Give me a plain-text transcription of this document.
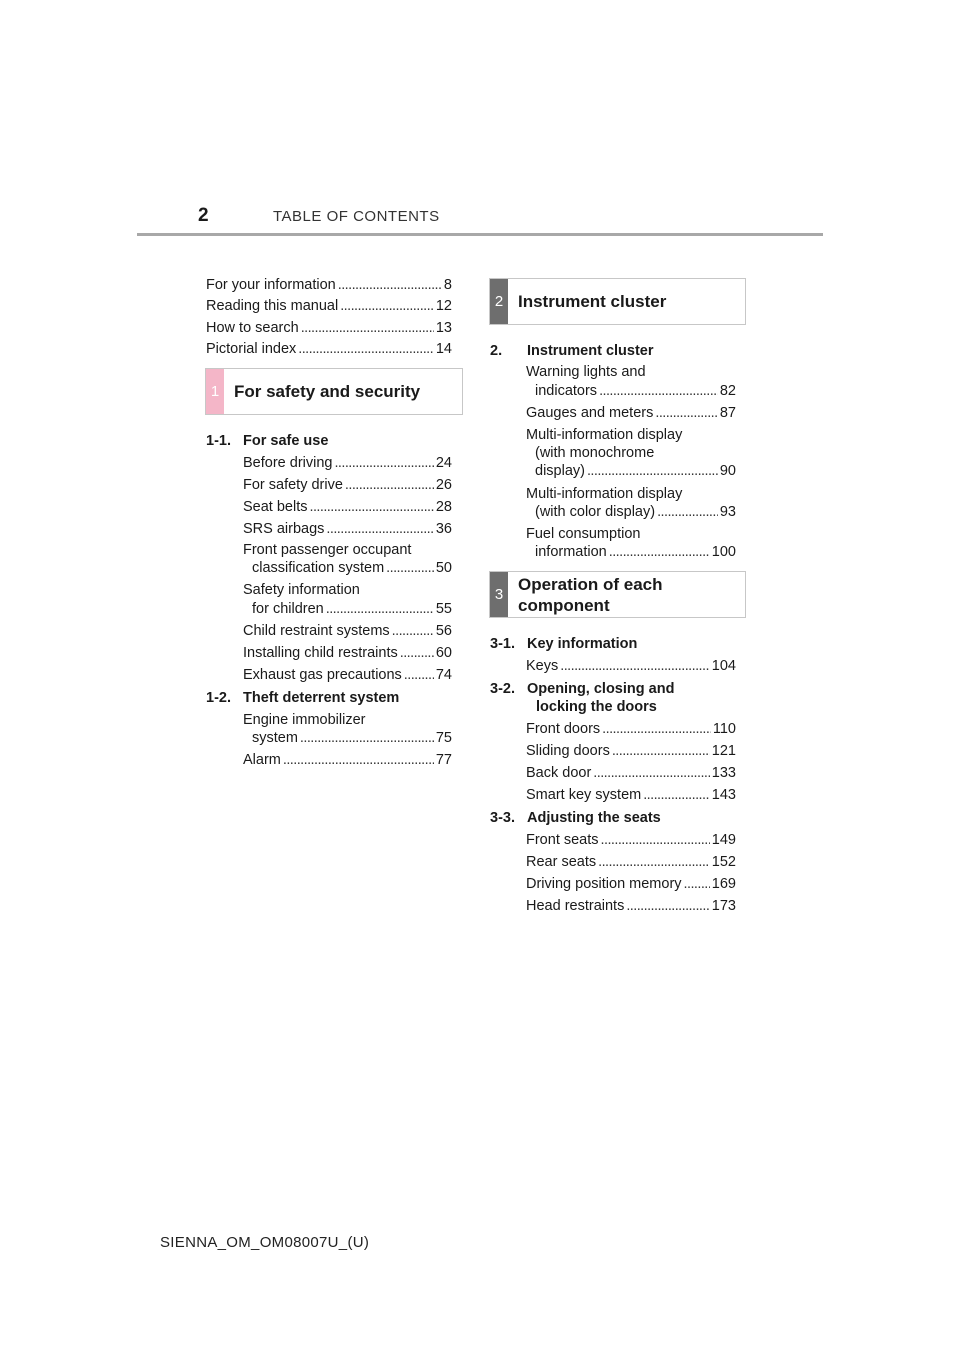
2	TABLE OF CONTENTS
For your information . . .	8
Reading this manual . . .	12
How to search . . .	13
Pictorial index . . .	14
1 For safety and security
1-1. For safe use
Before driving . . .	24
For safety drive . . .	26
Seat belts . . .	28
SRS airbags . . .	36
Front passenger occupant
classification system . . .	50
Safety information
for children . . .	55
Child restraint systems . . .	56
Installing child restraints . . .	60
Exhaust gas precautions . . . 74
1-2. Theft deterrent system
Engine immobilizer
system . . .	75
Alarm . . .	77
2 Instrument cluster
2.	Instrument cluster
Warning lights and
indicators . . .	82
Gauges and meters . . .	87
Multi-information display
(with monochrome
display) . . .	90
Multi-information display
(with color display) . . .	93
Fuel consumption
information . . .	100
3
Operation of each
component
3-1. Key information
Keys . . .	104
3-2. Opening, closing and
locking the doors
Front doors . . .	110
Sliding doors . . .	121
Back door . . .	133
Smart key system . . .	143
3-3. Adjusting the seats
Front seats . . .	149
Rear seats . . .	152
Driving position memory . . . 169
Head restraints . . .	173
SIENNA_OM_OM08007U_(U)
